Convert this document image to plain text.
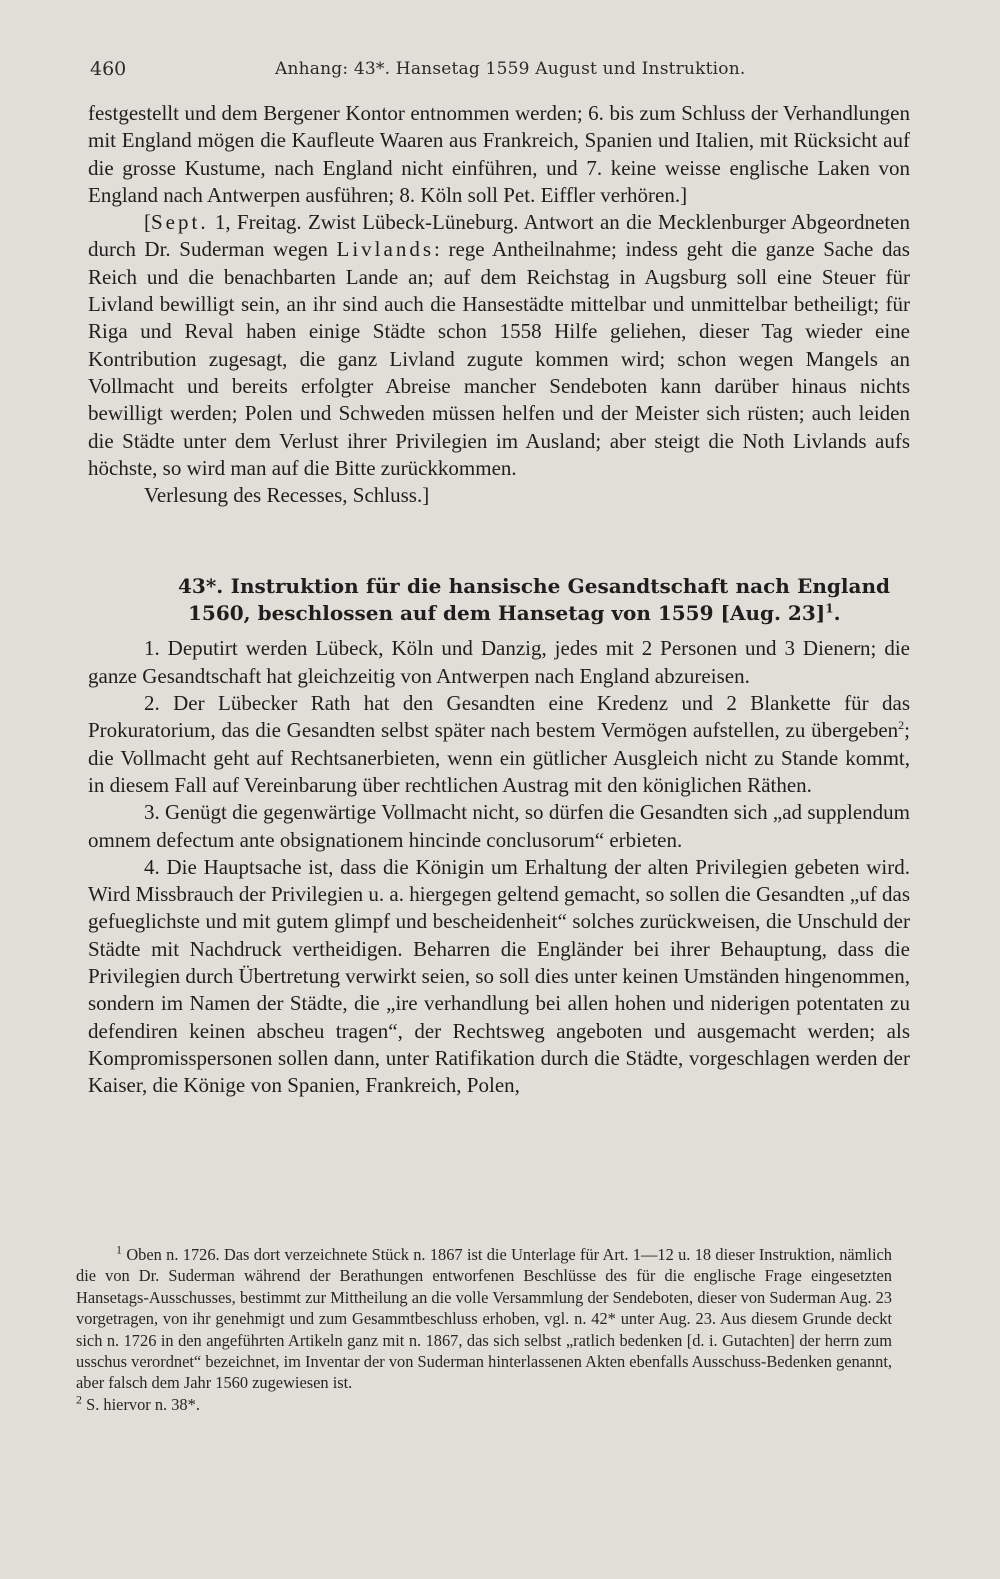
460	Anhang: 43*. Hansetag 1559 August und Instruktion.

festgestellt und dem Bergener Kontor entnommen werden; 6. bis zum Schluss der Verhandlungen mit England mögen die Kaufleute Waaren aus Frankreich, Spanien und Italien, mit Rücksicht auf die grosse Kustume, nach England nicht einführen, und 7. keine weisse englische Laken von England nach Antwerpen ausführen; 8. Köln soll Pet. Eiffler verhören.]

[Sept. 1, Freitag. Zwist Lübeck-Lüneburg. Antwort an die Mecklenburger Abgeordneten durch Dr. Suderman wegen Livlands: rege Antheilnahme; indess geht die ganze Sache das Reich und die benachbarten Lande an; auf dem Reichstag in Augsburg soll eine Steuer für Livland bewilligt sein, an ihr sind auch die Hansestädte mittelbar und unmittelbar betheiligt; für Riga und Reval haben einige Städte schon 1558 Hilfe geliehen, dieser Tag wieder eine Kontribution zugesagt, die ganz Livland zugute kommen wird; schon wegen Mangels an Vollmacht und bereits erfolgter Abreise mancher Sendeboten kann darüber hinaus nichts bewilligt werden; Polen und Schweden müssen helfen und der Meister sich rüsten; auch leiden die Städte unter dem Verlust ihrer Privilegien im Ausland; aber steigt die Noth Livlands aufs höchste, so wird man auf die Bitte zurückkommen.

Verlesung des Recesses, Schluss.]

43*. Instruktion für die hansische Gesandtschaft nach England 1560, beschlossen auf dem Hansetag von 1559 [Aug. 23]$^1$.

1. Deputirt werden Lübeck, Köln und Danzig, jedes mit 2 Personen und 3 Dienern; die ganze Gesandtschaft hat gleichzeitig von Antwerpen nach England abzureisen.

2. Der Lübecker Rath hat den Gesandten eine Kredenz und 2 Blankette für das Prokuratorium, das die Gesandten selbst später nach bestem Vermögen aufstellen, zu übergeben$^2$; die Vollmacht geht auf Rechtsanerbieten, wenn ein gütlicher Ausgleich nicht zu Stande kommt, in diesem Fall auf Vereinbarung über rechtlichen Austrag mit den königlichen Räthen.

3. Genügt die gegenwärtige Vollmacht nicht, so dürfen die Gesandten sich „ad supplendum omnem defectum ante obsignationem hincinde conclusorum“ erbieten.

4. Die Hauptsache ist, dass die Königin um Erhaltung der alten Privilegien gebeten wird. Wird Missbrauch der Privilegien u. a. hiergegen geltend gemacht, so sollen die Gesandten „uf das gefueglichste und mit gutem glimpf und bescheidenheit“ solches zurückweisen, die Unschuld der Städte mit Nachdruck vertheidigen. Beharren die Engländer bei ihrer Behauptung, dass die Privilegien durch Übertretung verwirkt seien, so soll dies unter keinen Umständen hingenommen, sondern im Namen der Städte, die „ire verhandlung bei allen hohen und niderigen potentaten zu defendiren keinen abscheu tragen“, der Rechtsweg angeboten und ausgemacht werden; als Kompromisspersonen sollen dann, unter Ratifikation durch die Städte, vorgeschlagen werden der Kaiser, die Könige von Spanien, Frankreich, Polen,

$^1$ Oben n. 1726. Das dort verzeichnete Stück n. 1867 ist die Unterlage für Art. 1—12 u. 18 dieser Instruktion, nämlich die von Dr. Suderman während der Berathungen entworfenen Beschlüsse des für die englische Frage eingesetzten Hansetags-Ausschusses, bestimmt zur Mittheilung an die volle Versammlung der Sendeboten, dieser von Suderman Aug. 23 vorgetragen, von ihr genehmigt und zum Gesammtbeschluss erhoben, vgl. n. 42* unter Aug. 23. Aus diesem Grunde deckt sich n. 1726 in den angeführten Artikeln ganz mit n. 1867, das sich selbst „ratlich bedenken [d. i. Gutachten] der herrn zum usschus verordnet“ bezeichnet, im Inventar der von Suderman hinterlassenen Akten ebenfalls Ausschuss-Bedenken genannt, aber falsch dem Jahr 1560 zugewiesen ist.

$^2$ S. hiervor n. 38*.
